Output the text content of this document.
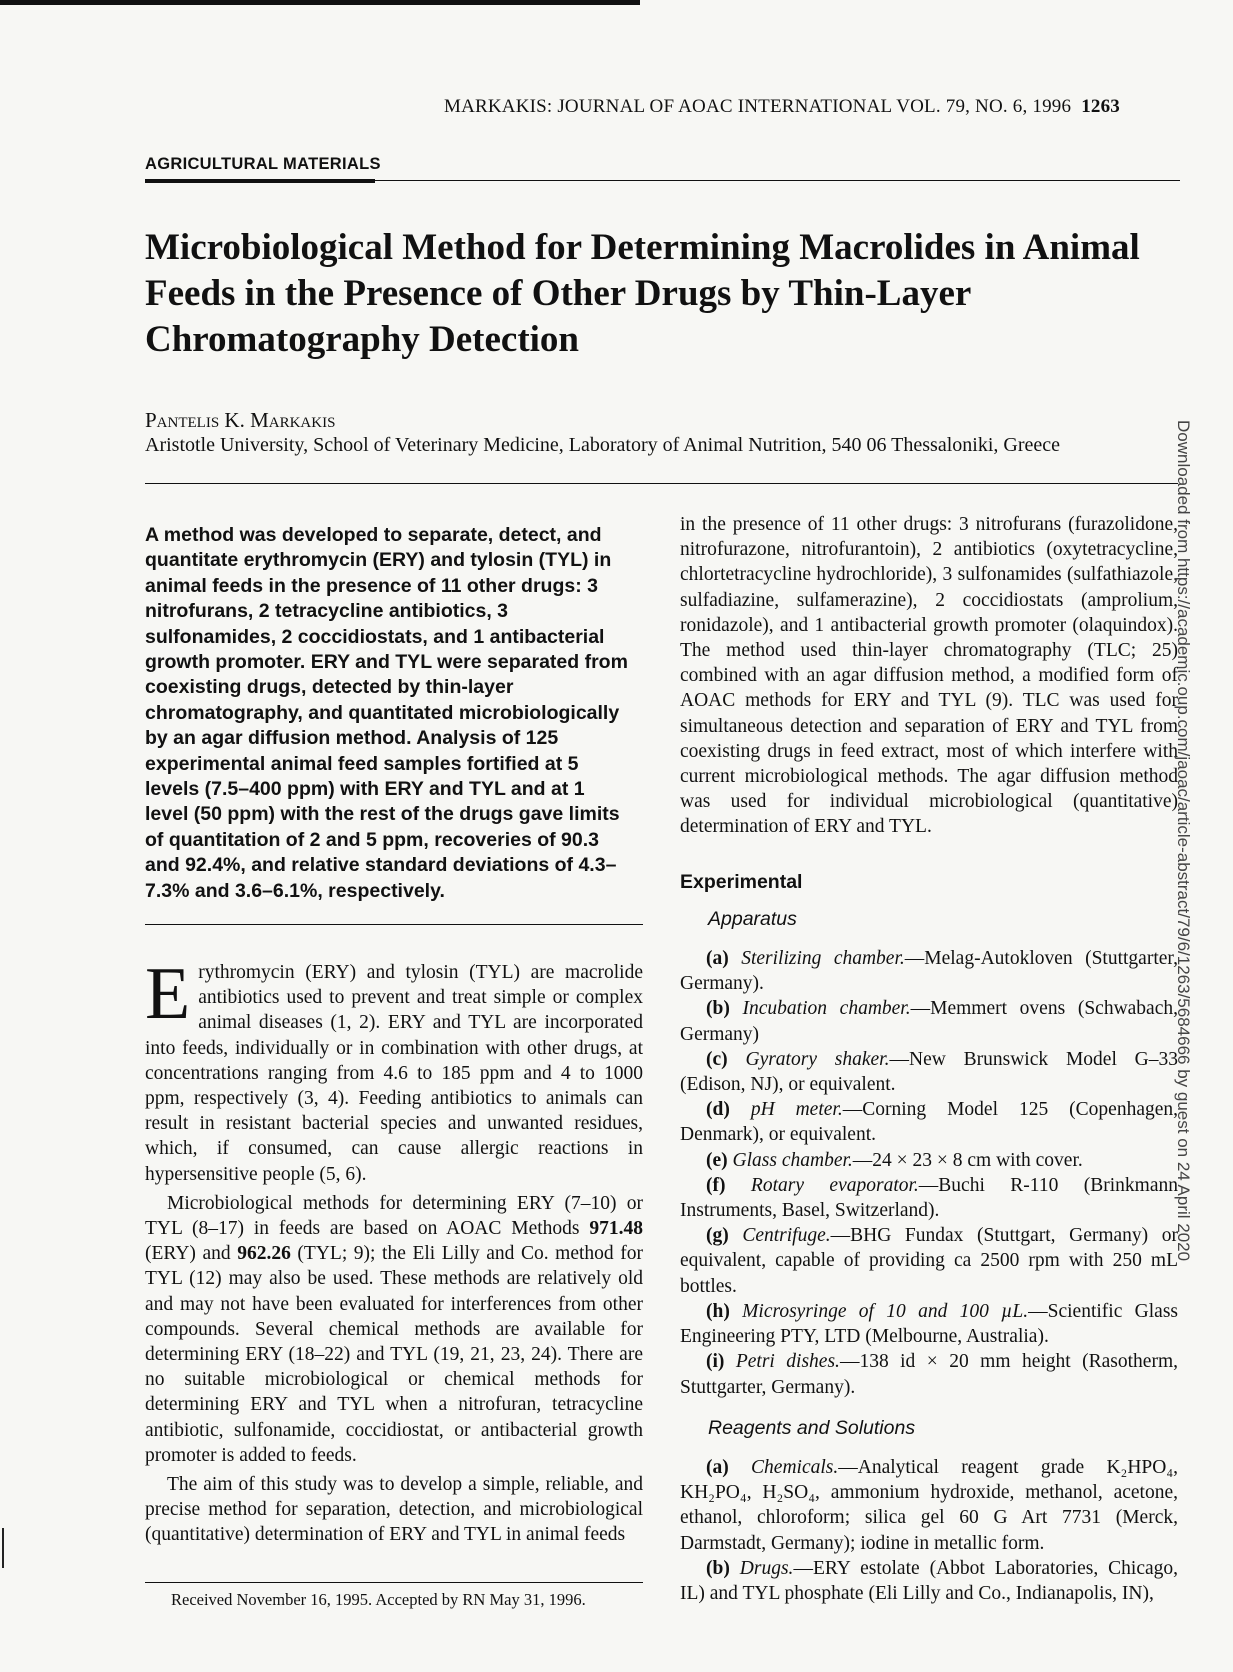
MARKAKIS: JOURNAL OF AOAC INTERNATIONAL VOL. 79, NO. 6, 1996 1263
AGRICULTURAL MATERIALS
Microbiological Method for Determining Macrolides in Animal Feeds in the Presence of Other Drugs by Thin-Layer Chromatography Detection
Pantelis K. Markakis
Aristotle University, School of Veterinary Medicine, Laboratory of Animal Nutrition, 540 06 Thessaloniki, Greece

A method was developed to separate, detect, and quantitate erythromycin (ERY) and tylosin (TYL) in animal feeds in the presence of 11 other drugs: 3 nitrofurans, 2 tetracycline antibiotics, 3 sulfonamides, 2 coccidiostats, and 1 antibacterial growth promoter. ERY and TYL were separated from coexisting drugs, detected by thin-layer chromatography, and quantitated microbiologically by an agar diffusion method. Analysis of 125 experimental animal feed samples fortified at 5 levels (7.5–400 ppm) with ERY and TYL and at 1 level (50 ppm) with the rest of the drugs gave limits of quantitation of 2 and 5 ppm, recoveries of 90.3 and 92.4%, and relative standard deviations of 4.3–7.3% and 3.6–6.1%, respectively.

Erythromycin (ERY) and tylosin (TYL) are macrolide antibiotics used to prevent and treat simple or complex animal diseases (1, 2). ERY and TYL are incorporated into feeds, individually or in combination with other drugs, at concentrations ranging from 4.6 to 185 ppm and 4 to 1000 ppm, respectively (3, 4). Feeding antibiotics to animals can result in resistant bacterial species and unwanted residues, which, if consumed, can cause allergic reactions in hypersensitive people (5, 6).

Microbiological methods for determining ERY (7–10) or TYL (8–17) in feeds are based on AOAC Methods 971.48 (ERY) and 962.26 (TYL; 9); the Eli Lilly and Co. method for TYL (12) may also be used. These methods are relatively old and may not have been evaluated for interferences from other compounds. Several chemical methods are available for determining ERY (18–22) and TYL (19, 21, 23, 24). There are no suitable microbiological or chemical methods for determining ERY and TYL when a nitrofuran, tetracycline antibiotic, sulfonamide, coccidiostat, or antibacterial growth promoter is added to feeds.

The aim of this study was to develop a simple, reliable, and precise method for separation, detection, and microbiological (quantitative) determination of ERY and TYL in animal feeds

Received November 16, 1995. Accepted by RN May 31, 1996.

in the presence of 11 other drugs: 3 nitrofurans (furazolidone, nitrofurazone, nitrofurantoin), 2 antibiotics (oxytetracycline, chlortetracycline hydrochloride), 3 sulfonamides (sulfathiazole, sulfadiazine, sulfamerazine), 2 coccidiostats (amprolium, ronidazole), and 1 antibacterial growth promoter (olaquindox). The method used thin-layer chromatography (TLC; 25) combined with an agar diffusion method, a modified form of AOAC methods for ERY and TYL (9). TLC was used for simultaneous detection and separation of ERY and TYL from coexisting drugs in feed extract, most of which interfere with current microbiological methods. The agar diffusion method was used for individual microbiological (quantitative) determination of ERY and TYL.

Experimental
Apparatus

(a) Sterilizing chamber.—Melag-Autokloven (Stuttgarter, Germany).

(b) Incubation chamber.—Memmert ovens (Schwabach, Germany)

(c) Gyratory shaker.—New Brunswick Model G–33 (Edison, NJ), or equivalent.

(d) pH meter.—Corning Model 125 (Copenhagen, Denmark), or equivalent.

(e) Glass chamber.—24 × 23 × 8 cm with cover.

(f) Rotary evaporator.—Buchi R-110 (Brinkmann Instruments, Basel, Switzerland).

(g) Centrifuge.—BHG Fundax (Stuttgart, Germany) or equivalent, capable of providing ca 2500 rpm with 250 mL bottles.

(h) Microsyringe of 10 and 100 µL.—Scientific Glass Engineering PTY, LTD (Melbourne, Australia).

(i) Petri dishes.—138 id × 20 mm height (Rasotherm, Stuttgarter, Germany).

Reagents and Solutions

(a) Chemicals.—Analytical reagent grade K₂HPO₄, KH₂PO₄, H₂SO₄, ammonium hydroxide, methanol, acetone, ethanol, chloroform; silica gel 60 G Art 7731 (Merck, Darmstadt, Germany); iodine in metallic form.

(b) Drugs.—ERY estolate (Abbot Laboratories, Chicago, IL) and TYL phosphate (Eli Lilly and Co., Indianapolis, IN),

Downloaded from https://academic.oup.com/jaoac/article-abstract/79/6/1263/5684666 by guest on 24 April 2020
